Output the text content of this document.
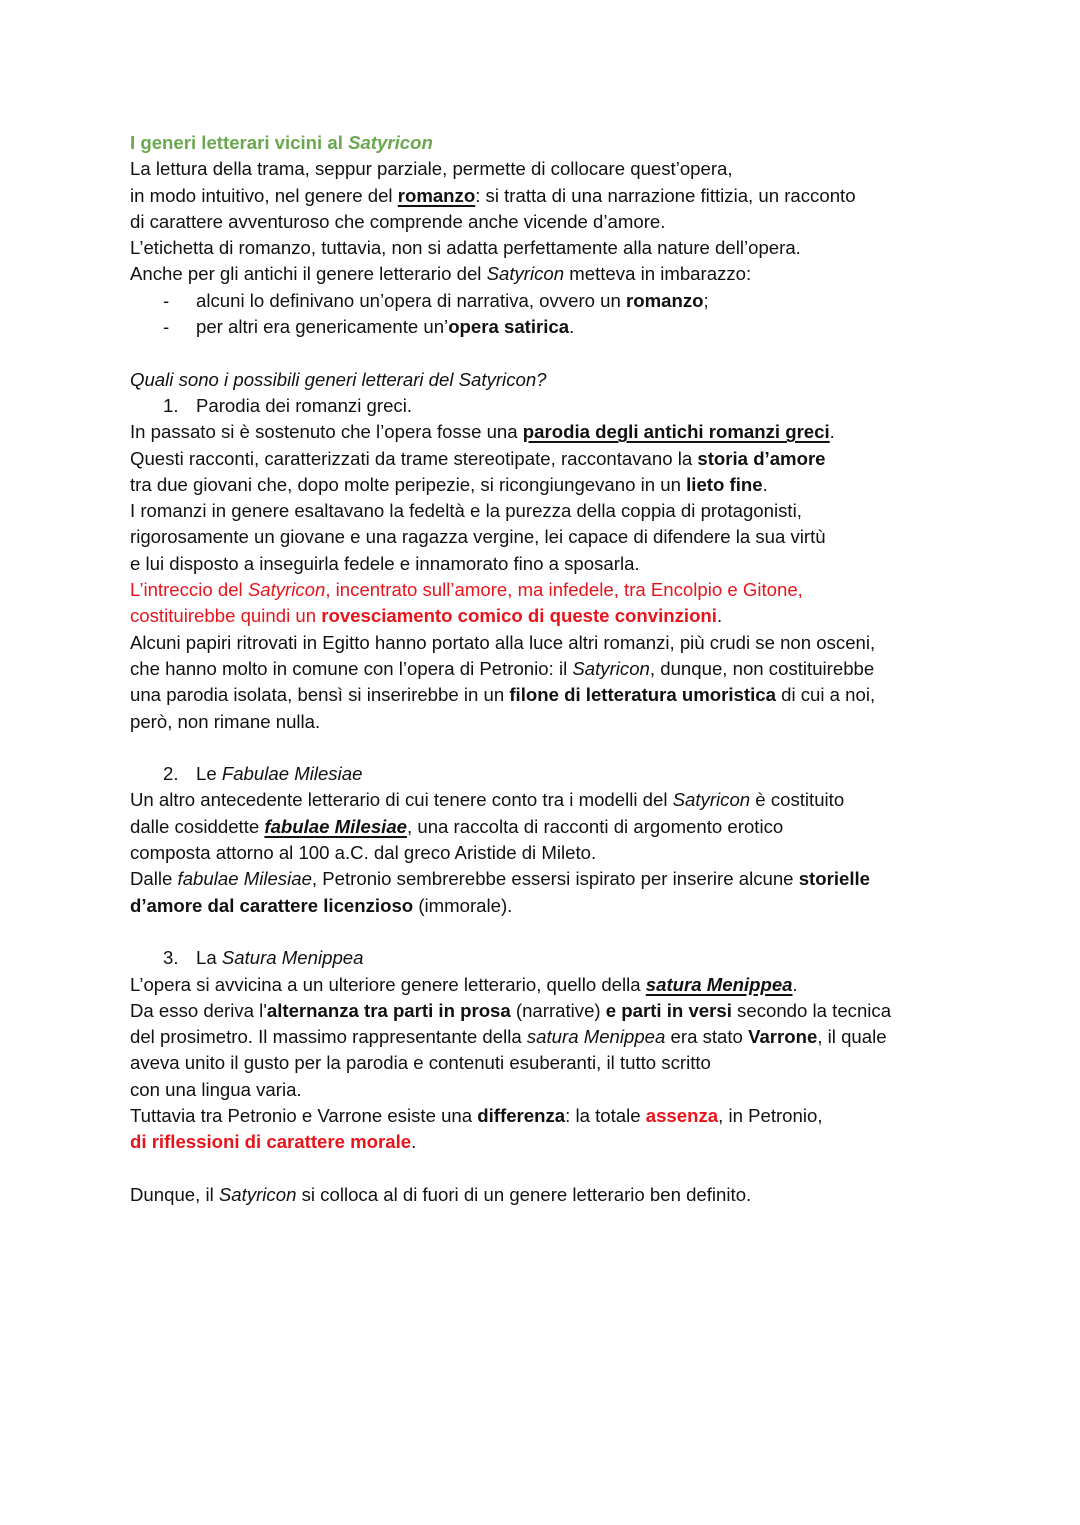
I generi letterari vicini al Satyricon
La lettura della trama, seppur parziale, permette di collocare quest’opera,
in modo intuitivo, nel genere del romanzo: si tratta di una narrazione fittizia, un racconto
di carattere avventuroso che comprende anche vicende d’amore.
L’etichetta di romanzo, tuttavia, non si adatta perfettamente alla nature dell’opera.
Anche per gli antichi il genere letterario del Satyricon metteva in imbarazzo:
- alcuni lo definivano un’opera di narrativa, ovvero un romanzo;
- per altri era genericamente un’opera satirica.
Quali sono i possibili generi letterari del Satyricon?
1. Parodia dei romanzi greci.
In passato si è sostenuto che l’opera fosse una parodia degli antichi romanzi greci.
Questi racconti, caratterizzati da trame stereotipate, raccontavano la storia d’amore
tra due giovani che, dopo molte peripezie, si ricongiungevano in un lieto fine.
I romanzi in genere esaltavano la fedeltà e la purezza della coppia di protagonisti,
rigorosamente un giovane e una ragazza vergine, lei capace di difendere la sua virtù
e lui disposto a inseguirla fedele e innamorato fino a sposarla.
L’intreccio del Satyricon, incentrato sull’amore, ma infedele, tra Encolpio e Gitone,
costituirebbe quindi un rovesciamento comico di queste convinzioni.
Alcuni papiri ritrovati in Egitto hanno portato alla luce altri romanzi, più crudi se non osceni,
che hanno molto in comune con l’opera di Petronio: il Satyricon, dunque, non costituirebbe
una parodia isolata, bensì si inserirebbe in un filone di letteratura umoristica di cui a noi,
però, non rimane nulla.
2. Le Fabulae Milesiae
Un altro antecedente letterario di cui tenere conto tra i modelli del Satyricon è costituito
dalle cosiddette fabulae Milesiae, una raccolta di racconti di argomento erotico
composta attorno al 100 a.C. dal greco Aristide di Mileto.
Dalle fabulae Milesiae, Petronio sembrerebbe essersi ispirato per inserire alcune storielle
d’amore dal carattere licenzioso (immorale).
3. La Satura Menippea
L’opera si avvicina a un ulteriore genere letterario, quello della satura Menippea.
Da esso deriva l'alternanza tra parti in prosa (narrative) e parti in versi secondo la tecnica
del prosimetro. Il massimo rappresentante della satura Menippea era stato Varrone, il quale
aveva unito il gusto per la parodia e contenuti esuberanti, il tutto scritto
con una lingua varia.
Tuttavia tra Petronio e Varrone esiste una differenza: la totale assenza, in Petronio,
di riflessioni di carattere morale.
Dunque, il Satyricon si colloca al di fuori di un genere letterario ben definito.
